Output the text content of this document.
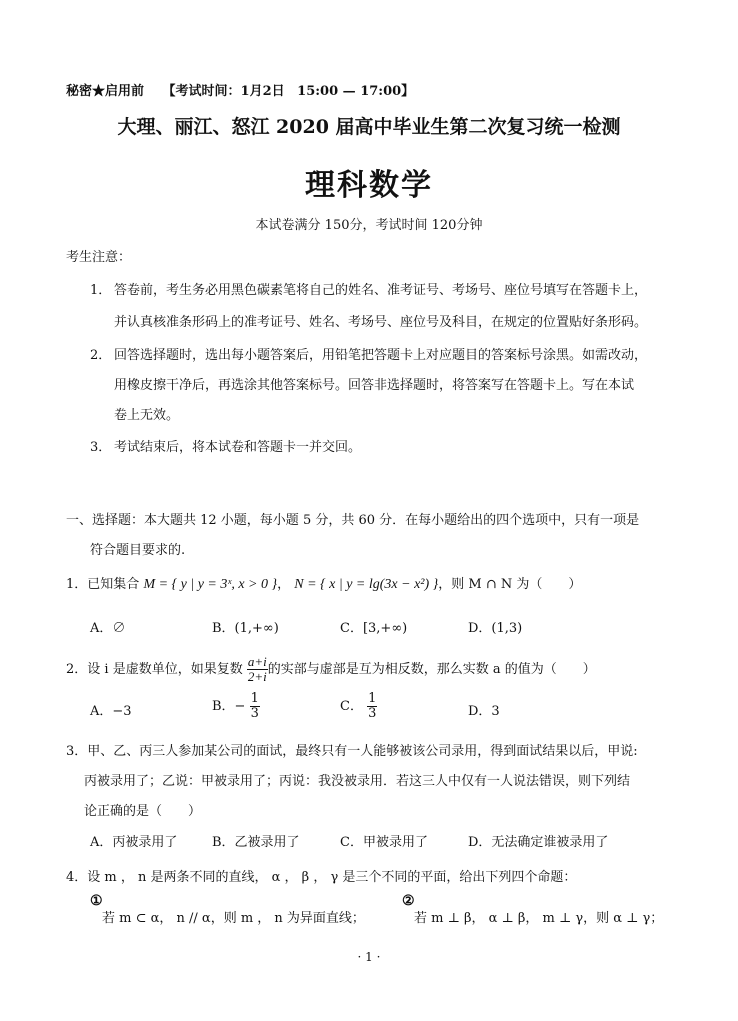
秘密★启用前 【考试时间：1月2日 15:00 — 17:00】
大理、丽江、怒江 2020 届高中毕业生第二次复习统一检测
理科数学
本试卷满分 150分，考试时间 120分钟
考生注意：
1． 答卷前，考生务必用黑色碳素笔将自己的姓名、准考证号、考场号、座位号填写在答题卡上，
并认真核准条形码上的准考证号、姓名、考场号、座位号及科目，在规定的位置贴好条形码。
2． 回答选择题时，选出每小题答案后，用铅笔把答题卡上对应题目的答案标号涂黑。如需改动，
用橡皮擦干净后，再选涂其他答案标号。回答非选择题时，将答案写在答题卡上。写在本试
卷上无效。
3． 考试结束后，将本试卷和答题卡一并交回。
一、选择题：本大题共 12 小题，每小题 5 分，共 60 分．在每小题给出的四个选项中，只有一项是
符合题目要求的.
1．已知集合 M = { y | y = 3ˣ, x > 0 }， N = { x | y = lg(3x − x²) }，则 M ∩ N 为（　　）
A．∅	B．(1,+∞)	C．[3,+∞)	D．(1,3)
2．设 i 是虚数单位，如果复数 $\frac{a+i}{2+i}$ 的实部与虚部是互为相反数，那么实数 a 的值为（　　）
A．−3	B．− $\frac{1}{3}$	C． $\frac{1}{3}$	D．3
3．甲、乙、丙三人参加某公司的面试，最终只有一人能够被该公司录用，得到面试结果以后，甲说:
丙被录用了；乙说：甲被录用了；丙说：我没被录用．若这三人中仅有一人说法错误，则下列结
论正确的是（　　）
A．丙被录用了	B．乙被录用了	C．甲被录用了	D．无法确定谁被录用了
4．设 m ， n 是两条不同的直线， α ， β ， γ 是三个不同的平面，给出下列四个命题：
①
若 m ⊂ α， n // α，则 m ， n 为异面直线；
②
若 m ⊥ β， α ⊥ β， m ⊥ γ，则 α ⊥ γ；
· 1 ·
